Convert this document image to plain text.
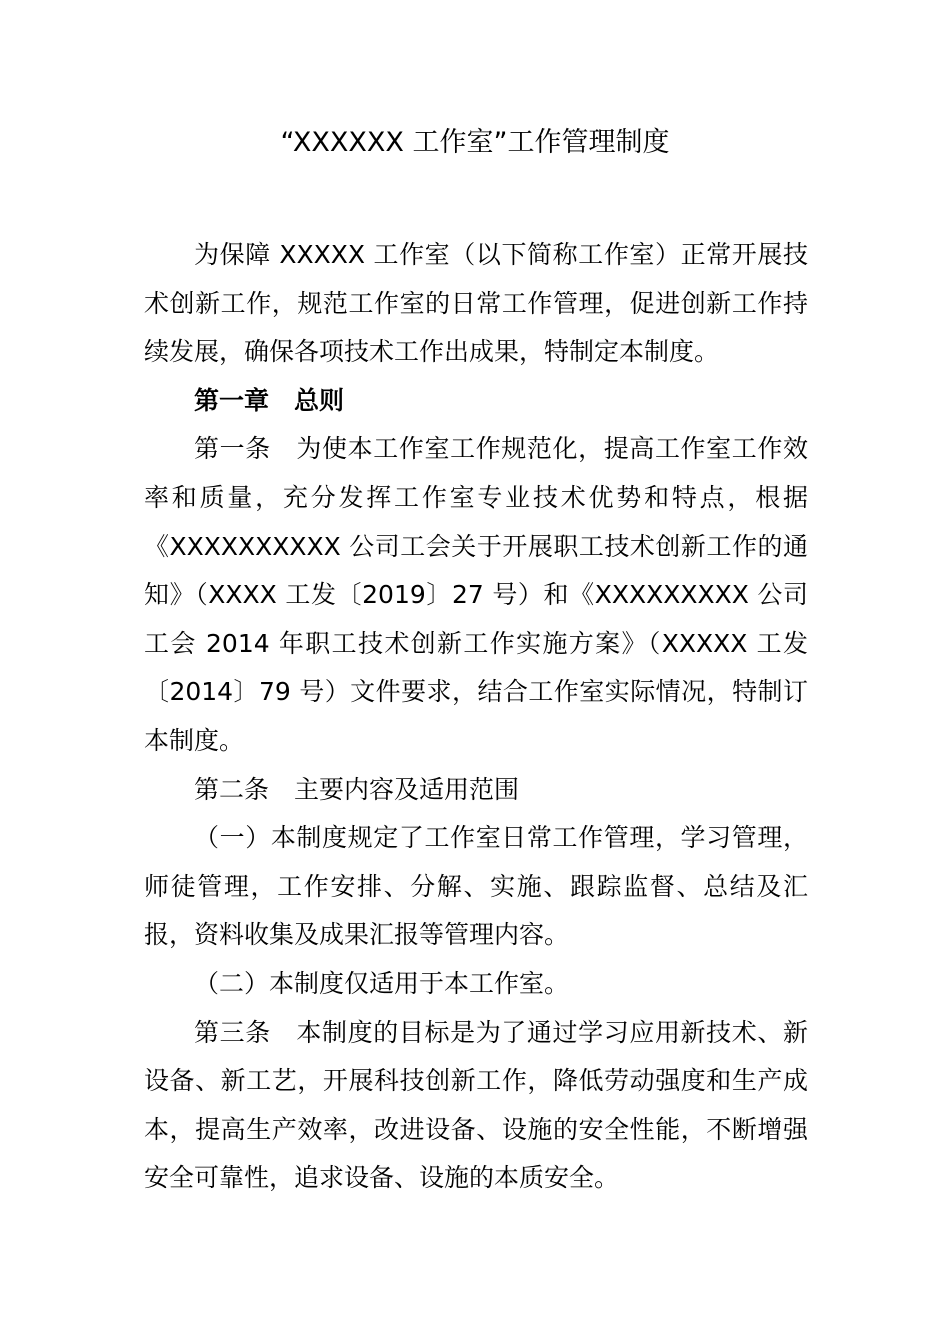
“XXXXXX 工作室”工作管理制度

为保障 XXXXX 工作室（以下简称工作室）正常开展技术创新工作，规范工作室的日常工作管理，促进创新工作持续发展，确保各项技术工作出成果，特制定本制度。

第一章　总则

第一条　为使本工作室工作规范化，提高工作室工作效率和质量，充分发挥工作室专业技术优势和特点，根据《XXXXXXXXXX 公司工会关于开展职工技术创新工作的通知》（XXXX 工发〔2019〕27 号）和《XXXXXXXXX 公司工会 2014 年职工技术创新工作实施方案》（XXXXX 工发〔2014〕79 号）文件要求，结合工作室实际情况，特制订本制度。

第二条　主要内容及适用范围

（一）本制度规定了工作室日常工作管理，学习管理，师徒管理，工作安排、分解、实施、跟踪监督、总结及汇报，资料收集及成果汇报等管理内容。

（二）本制度仅适用于本工作室。

第三条　本制度的目标是为了通过学习应用新技术、新设备、新工艺，开展科技创新工作，降低劳动强度和生产成本，提高生产效率，改进设备、设施的安全性能，不断增强安全可靠性，追求设备、设施的本质安全。
